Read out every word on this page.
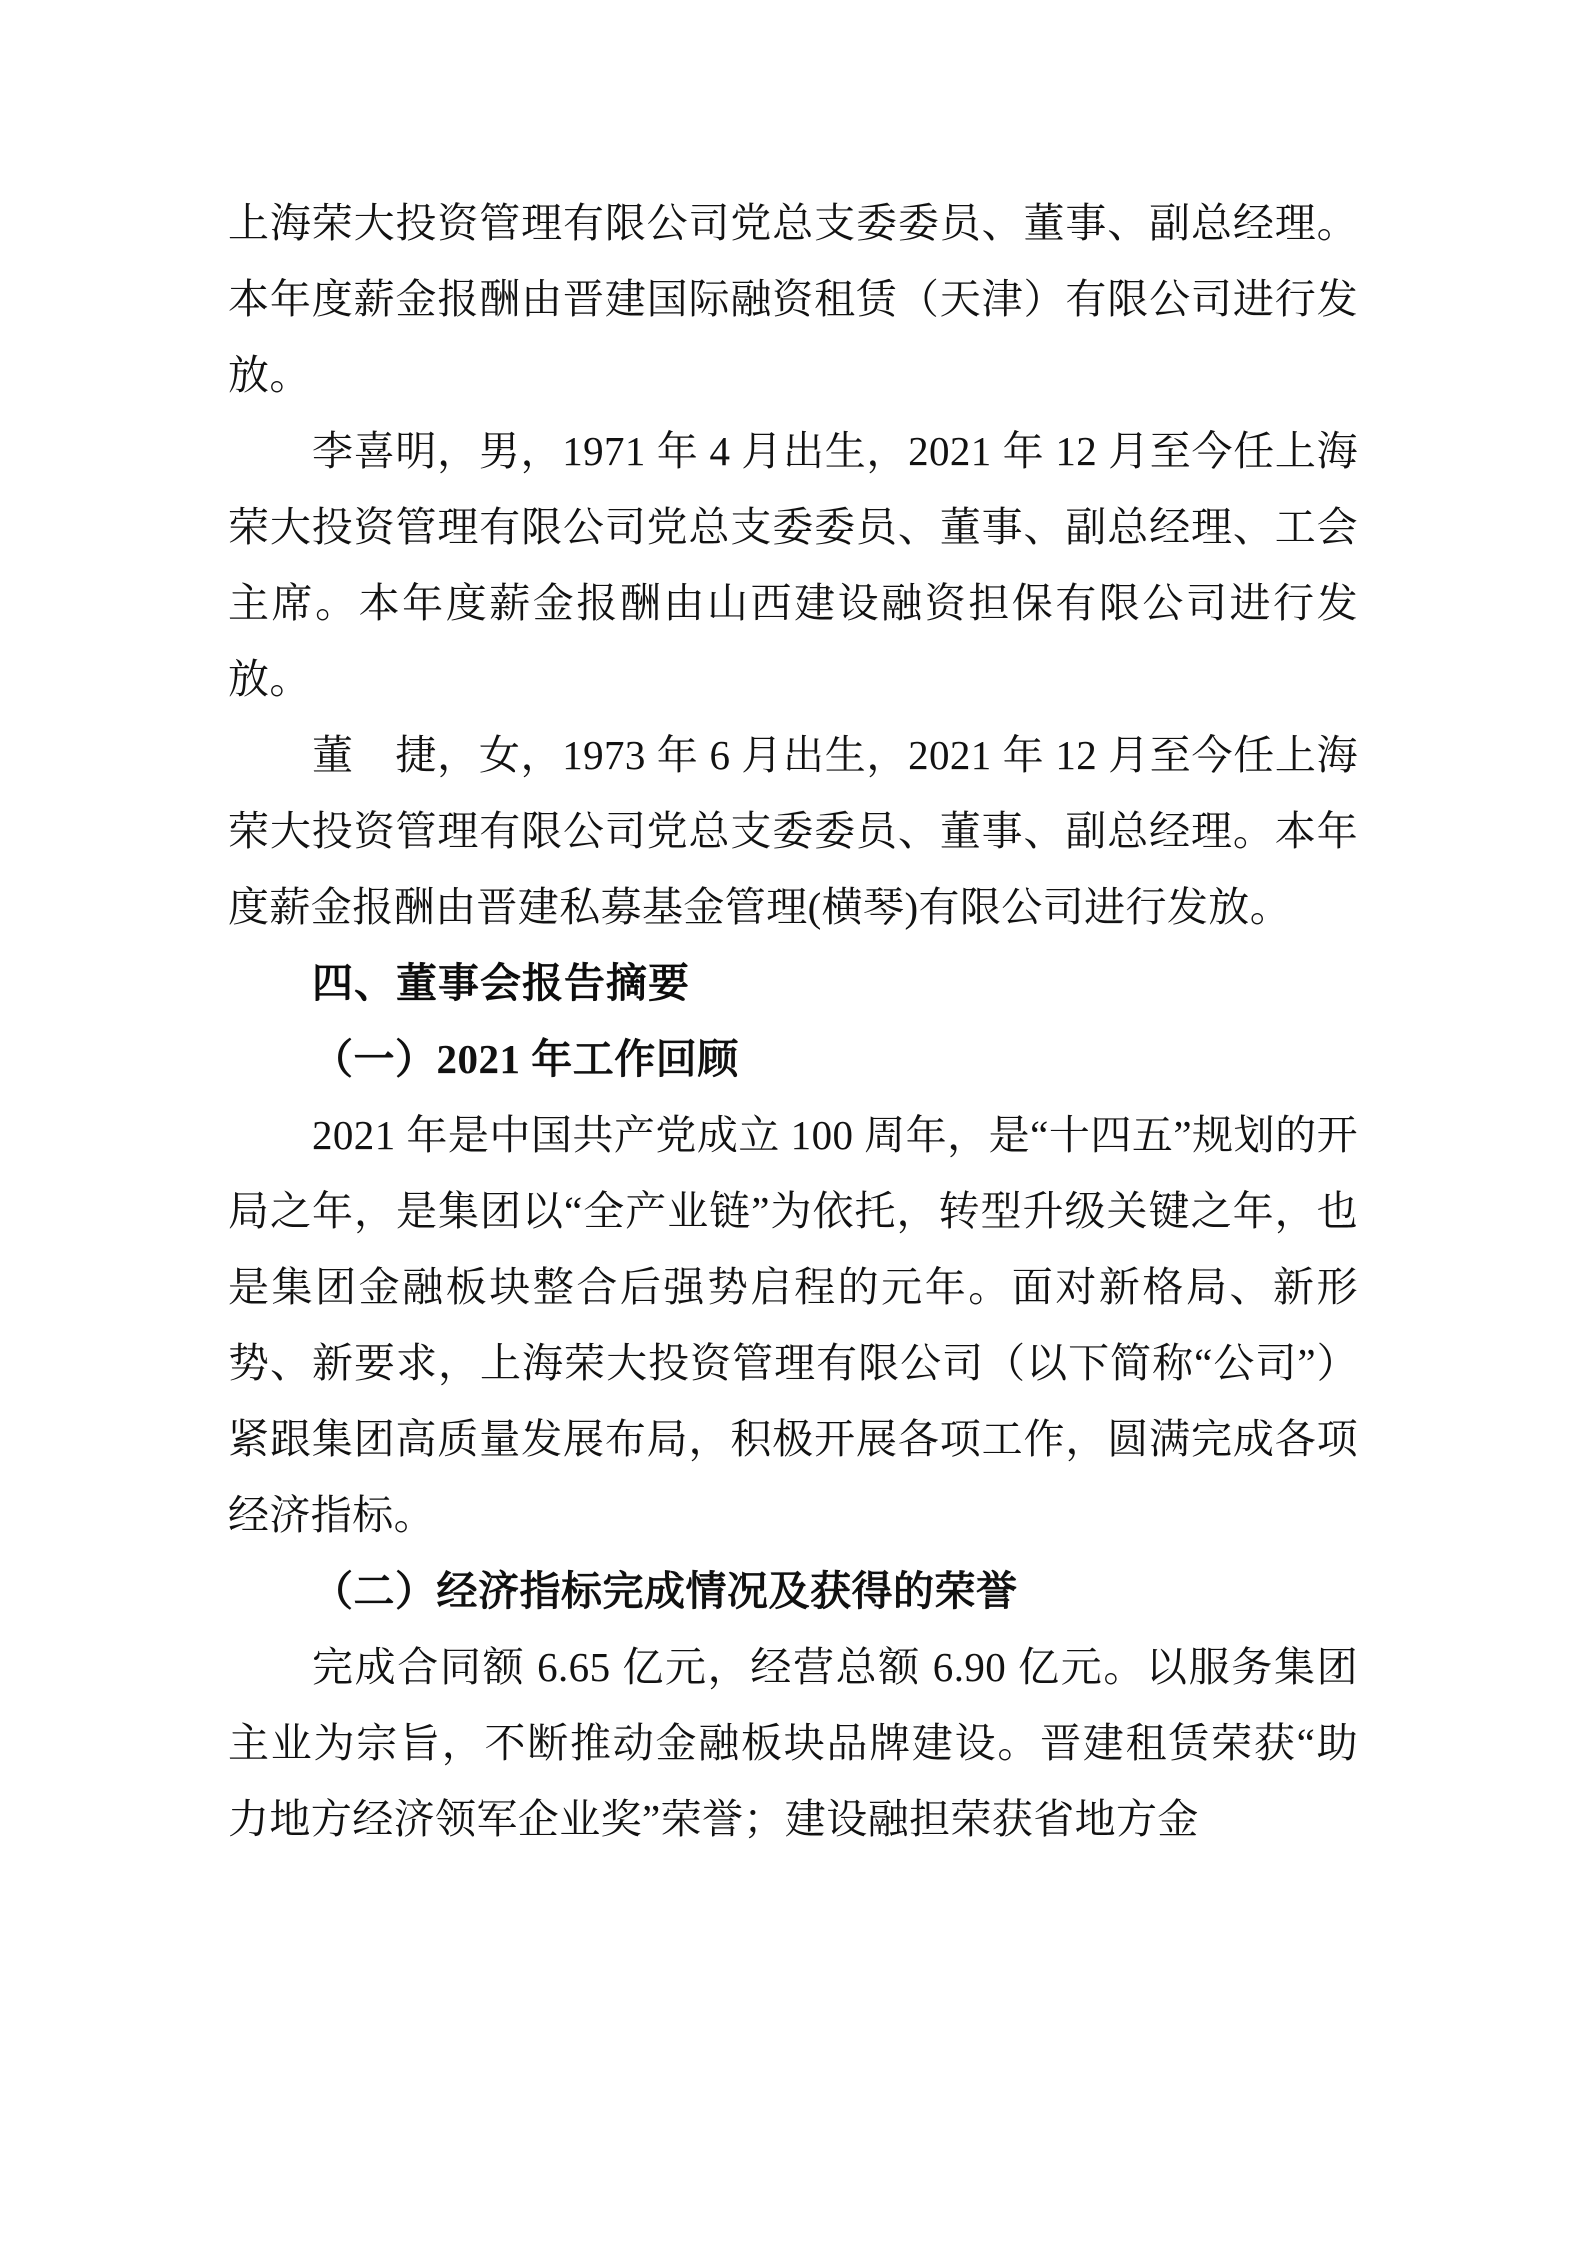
上海荣大投资管理有限公司党总支委委员、董事、副总经理。本年度薪金报酬由晋建国际融资租赁（天津）有限公司进行发放。

李喜明，男，1971 年 4 月出生，2021 年 12 月至今任上海荣大投资管理有限公司党总支委委员、董事、副总经理、工会主席。本年度薪金报酬由山西建设融资担保有限公司进行发放。

董　捷，女，1973 年 6 月出生，2021 年 12 月至今任上海荣大投资管理有限公司党总支委委员、董事、副总经理。本年度薪金报酬由晋建私募基金管理(横琴)有限公司进行发放。

四、董事会报告摘要
（一）2021 年工作回顾

2021 年是中国共产党成立 100 周年，是“十四五”规划的开局之年，是集团以“全产业链”为依托，转型升级关键之年，也是集团金融板块整合后强势启程的元年。面对新格局、新形势、新要求，上海荣大投资管理有限公司（以下简称“公司”）紧跟集团高质量发展布局，积极开展各项工作，圆满完成各项经济指标。

（二）经济指标完成情况及获得的荣誉

完成合同额 6.65 亿元，经营总额 6.90 亿元。以服务集团主业为宗旨，不断推动金融板块品牌建设。晋建租赁荣获“助力地方经济领军企业奖”荣誉；建设融担荣获省地方金
